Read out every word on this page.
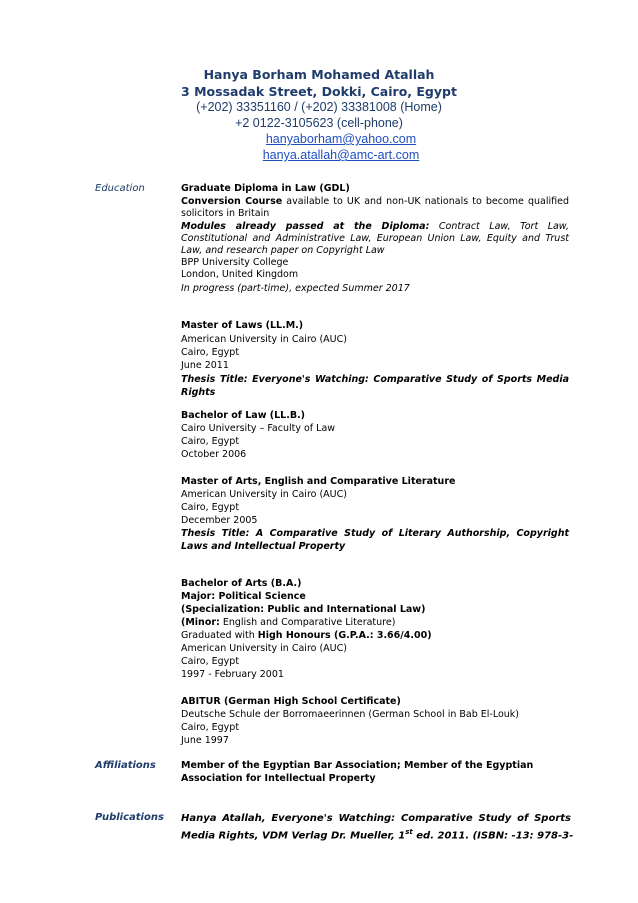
Hanya Borham Mohamed Atallah
3 Mossadak Street, Dokki, Cairo, Egypt
(+202) 33351160 / (+202) 33381008 (Home)
+2 0122-3105623 (cell-phone)
hanyaborham@yahoo.com
hanya.atallah@amc-art.com
Education
Affiliations
Publications
Graduate Diploma in Law (GDL)
Conversion Course available to UK and non-UK nationals to become qualified
solicitors in Britain
Modules already passed at the Diploma: Contract Law, Tort Law,
Constitutional and Administrative Law, European Union Law, Equity and Trust
Law, and research paper on Copyright Law
BPP University College
London, United Kingdom
In progress (part-time), expected Summer 2017
Master of Laws (LL.M.)
American University in Cairo (AUC)
Cairo, Egypt
June 2011
Thesis Title: Everyone's Watching: Comparative Study of Sports Media
Rights
Bachelor of Law (LL.B.)
Cairo University – Faculty of Law
Cairo, Egypt
October 2006
Master of Arts, English and Comparative Literature
American University in Cairo (AUC)
Cairo, Egypt
December 2005
Thesis Title: A Comparative Study of Literary Authorship, Copyright
Laws and Intellectual Property
Bachelor of Arts (B.A.)
Major: Political Science
(Specialization: Public and International Law)
(Minor: English and Comparative Literature)
Graduated with High Honours (G.P.A.: 3.66/4.00)
American University in Cairo (AUC)
Cairo, Egypt
1997 - February 2001
ABITUR (German High School Certificate)
Deutsche Schule der Borromaeerinnen (German School in Bab El-Louk)
Cairo, Egypt
June 1997
Member of the Egyptian Bar Association; Member of the Egyptian
Association for Intellectual Property
Hanya Atallah, Everyone's Watching: Comparative Study of Sports
Media Rights, VDM Verlag Dr. Mueller, 1st ed. 2011. (ISBN: -13: 978-3-
